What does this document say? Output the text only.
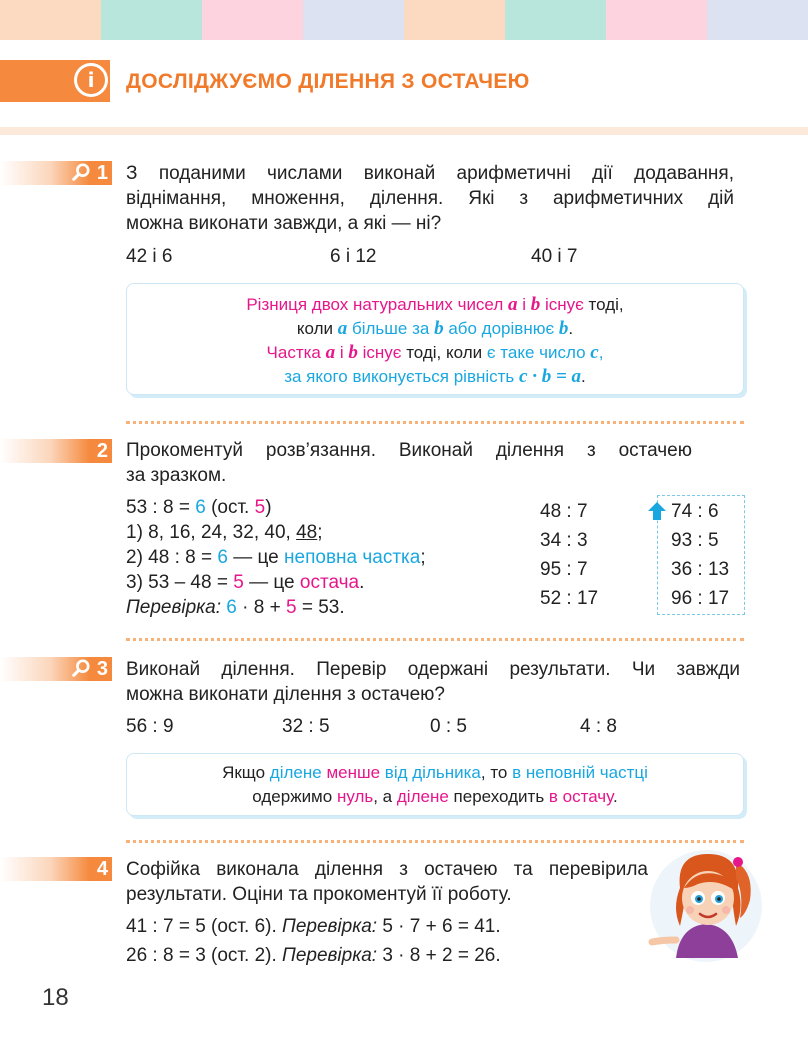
i	ДОСЛІДЖУЄМО ДІЛЕННЯ З ОСТАЧЕЮ
1 З поданими числами виконай арифметичні дії додавання,
віднімання, множення, ділення. Які з арифметичних дій
можна виконати завжди, а які — ні?
42 і 6	6 і 12	40 і 7
Різниця двох натуральних чисел a і b існує тоді,
коли a більше за b або дорівнює b.
Частка a і b існує тоді, коли є таке число c,
за якого виконується рівність c · b = a.
2 Прокоментуй розв’язання. Виконай ділення з остачею
за зразком.
53 : 8 = 6 (ост. 5)
1) 8, 16, 24, 32, 40, 48;
2) 48 : 8 = 6 — це неповна частка;
3) 53 – 48 = 5 — це остача.
Перевірка: 6 · 8 + 5 = 53.
48 : 7
34 : 3
95 : 7
52 : 17
74 : 6
93 : 5
36 : 13
96 : 17
3 Виконай ділення. Перевір одержані результати. Чи завжди
можна виконати ділення з остачею?
56 : 9	32 : 5	0 : 5	4 : 8
Якщо ділене менше від дільника, то в неповній частці
одержимо нуль, а ділене переходить в остачу.
4 Софійка виконала ділення з остачею та перевірила
результати. Оціни та прокоментуй її роботу.
41 : 7 = 5 (ост. 6). Перевірка: 5 · 7 + 6 = 41.
26 : 8 = 3 (ост. 2). Перевірка: 3 · 8 + 2 = 26.
18
